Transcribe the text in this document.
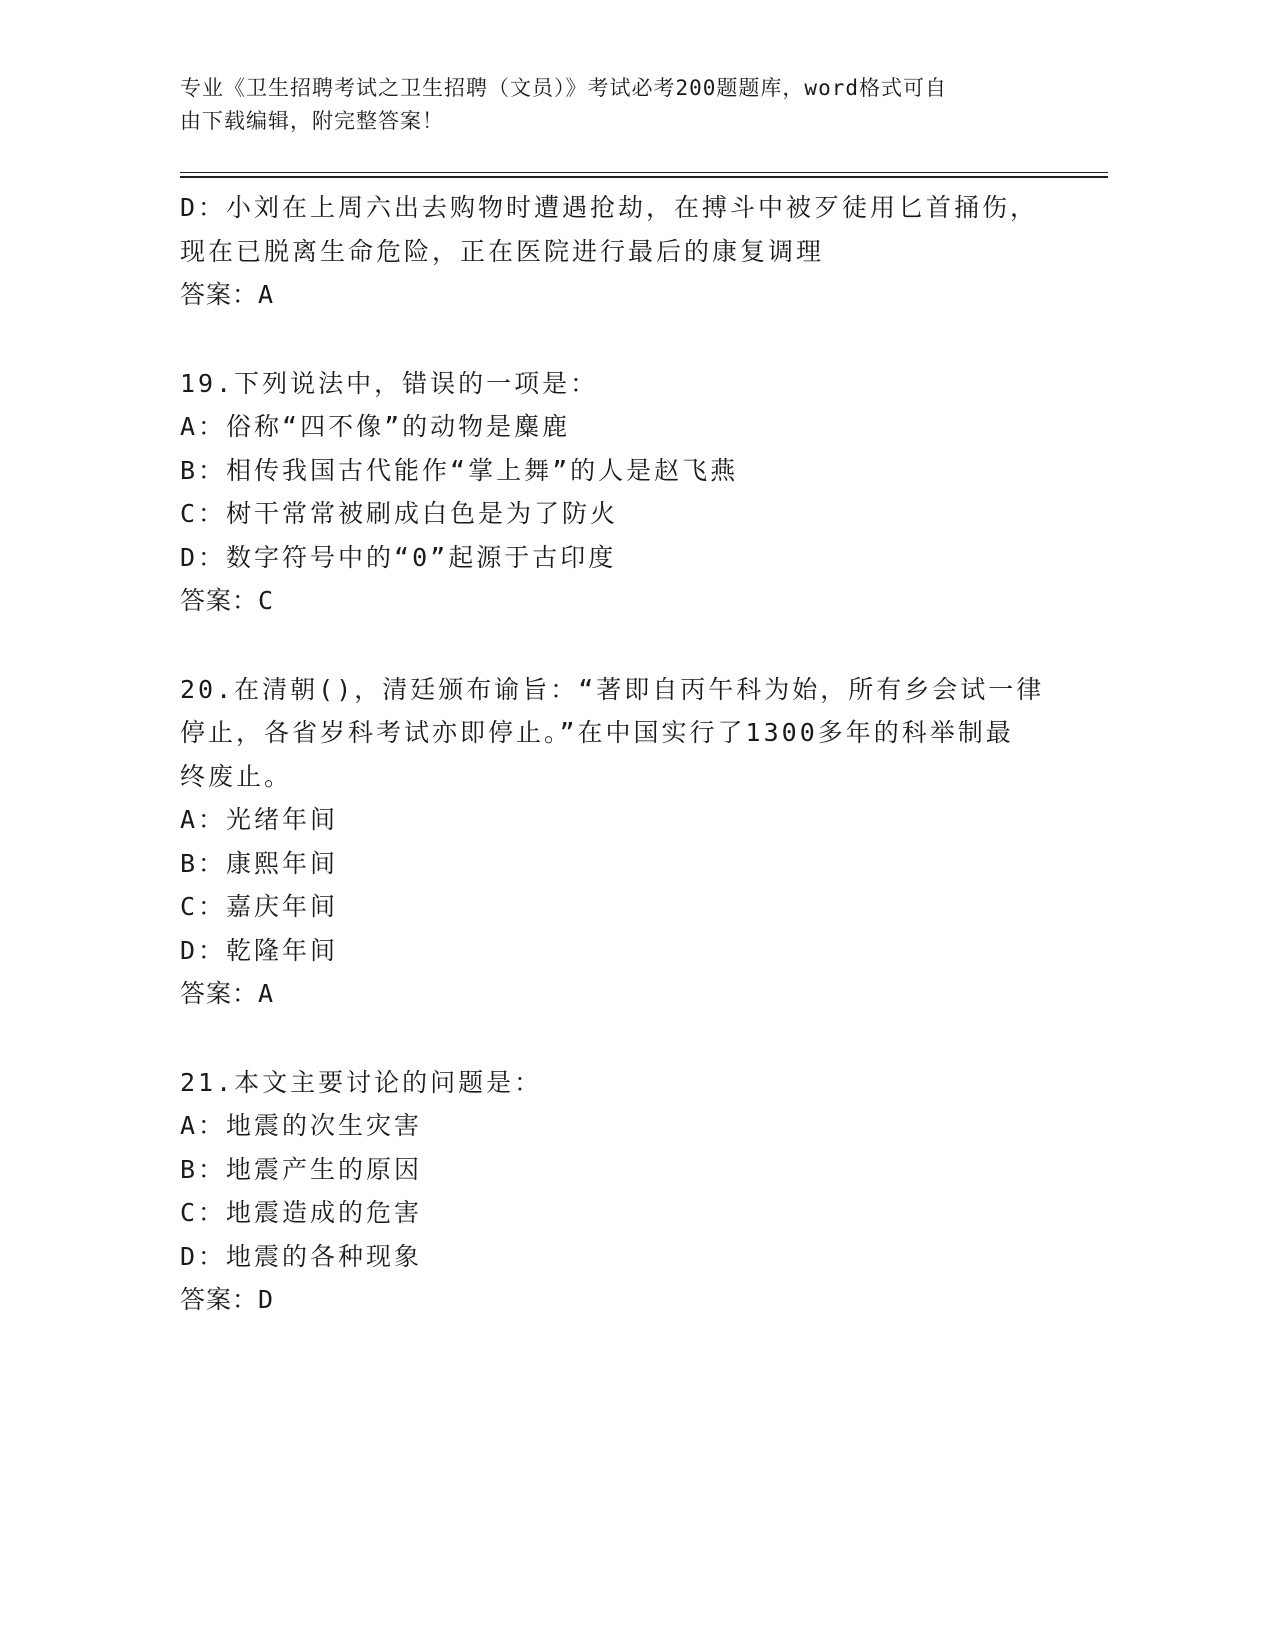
专业《卫生招聘考试之卫生招聘（文员）》考试必考200题题库，word格式可自
由下载编辑，附完整答案！
D：小刘在上周六出去购物时遭遇抢劫，在搏斗中被歹徒用匕首捅伤，
现在已脱离生命危险，正在医院进行最后的康复调理
答案：A
19.下列说法中，错误的一项是：
A：俗称“四不像”的动物是麋鹿
B：相传我国古代能作“掌上舞”的人是赵飞燕
C：树干常常被刷成白色是为了防火
D：数字符号中的“0”起源于古印度
答案：C
20.在清朝()，清廷颁布谕旨：“著即自丙午科为始，所有乡会试一律
停止，各省岁科考试亦即停止。”在中国实行了1300多年的科举制最
终废止。
A：光绪年间
B：康熙年间
C：嘉庆年间
D：乾隆年间
答案：A
21.本文主要讨论的问题是：
A：地震的次生灾害
B：地震产生的原因
C：地震造成的危害
D：地震的各种现象
答案：D
